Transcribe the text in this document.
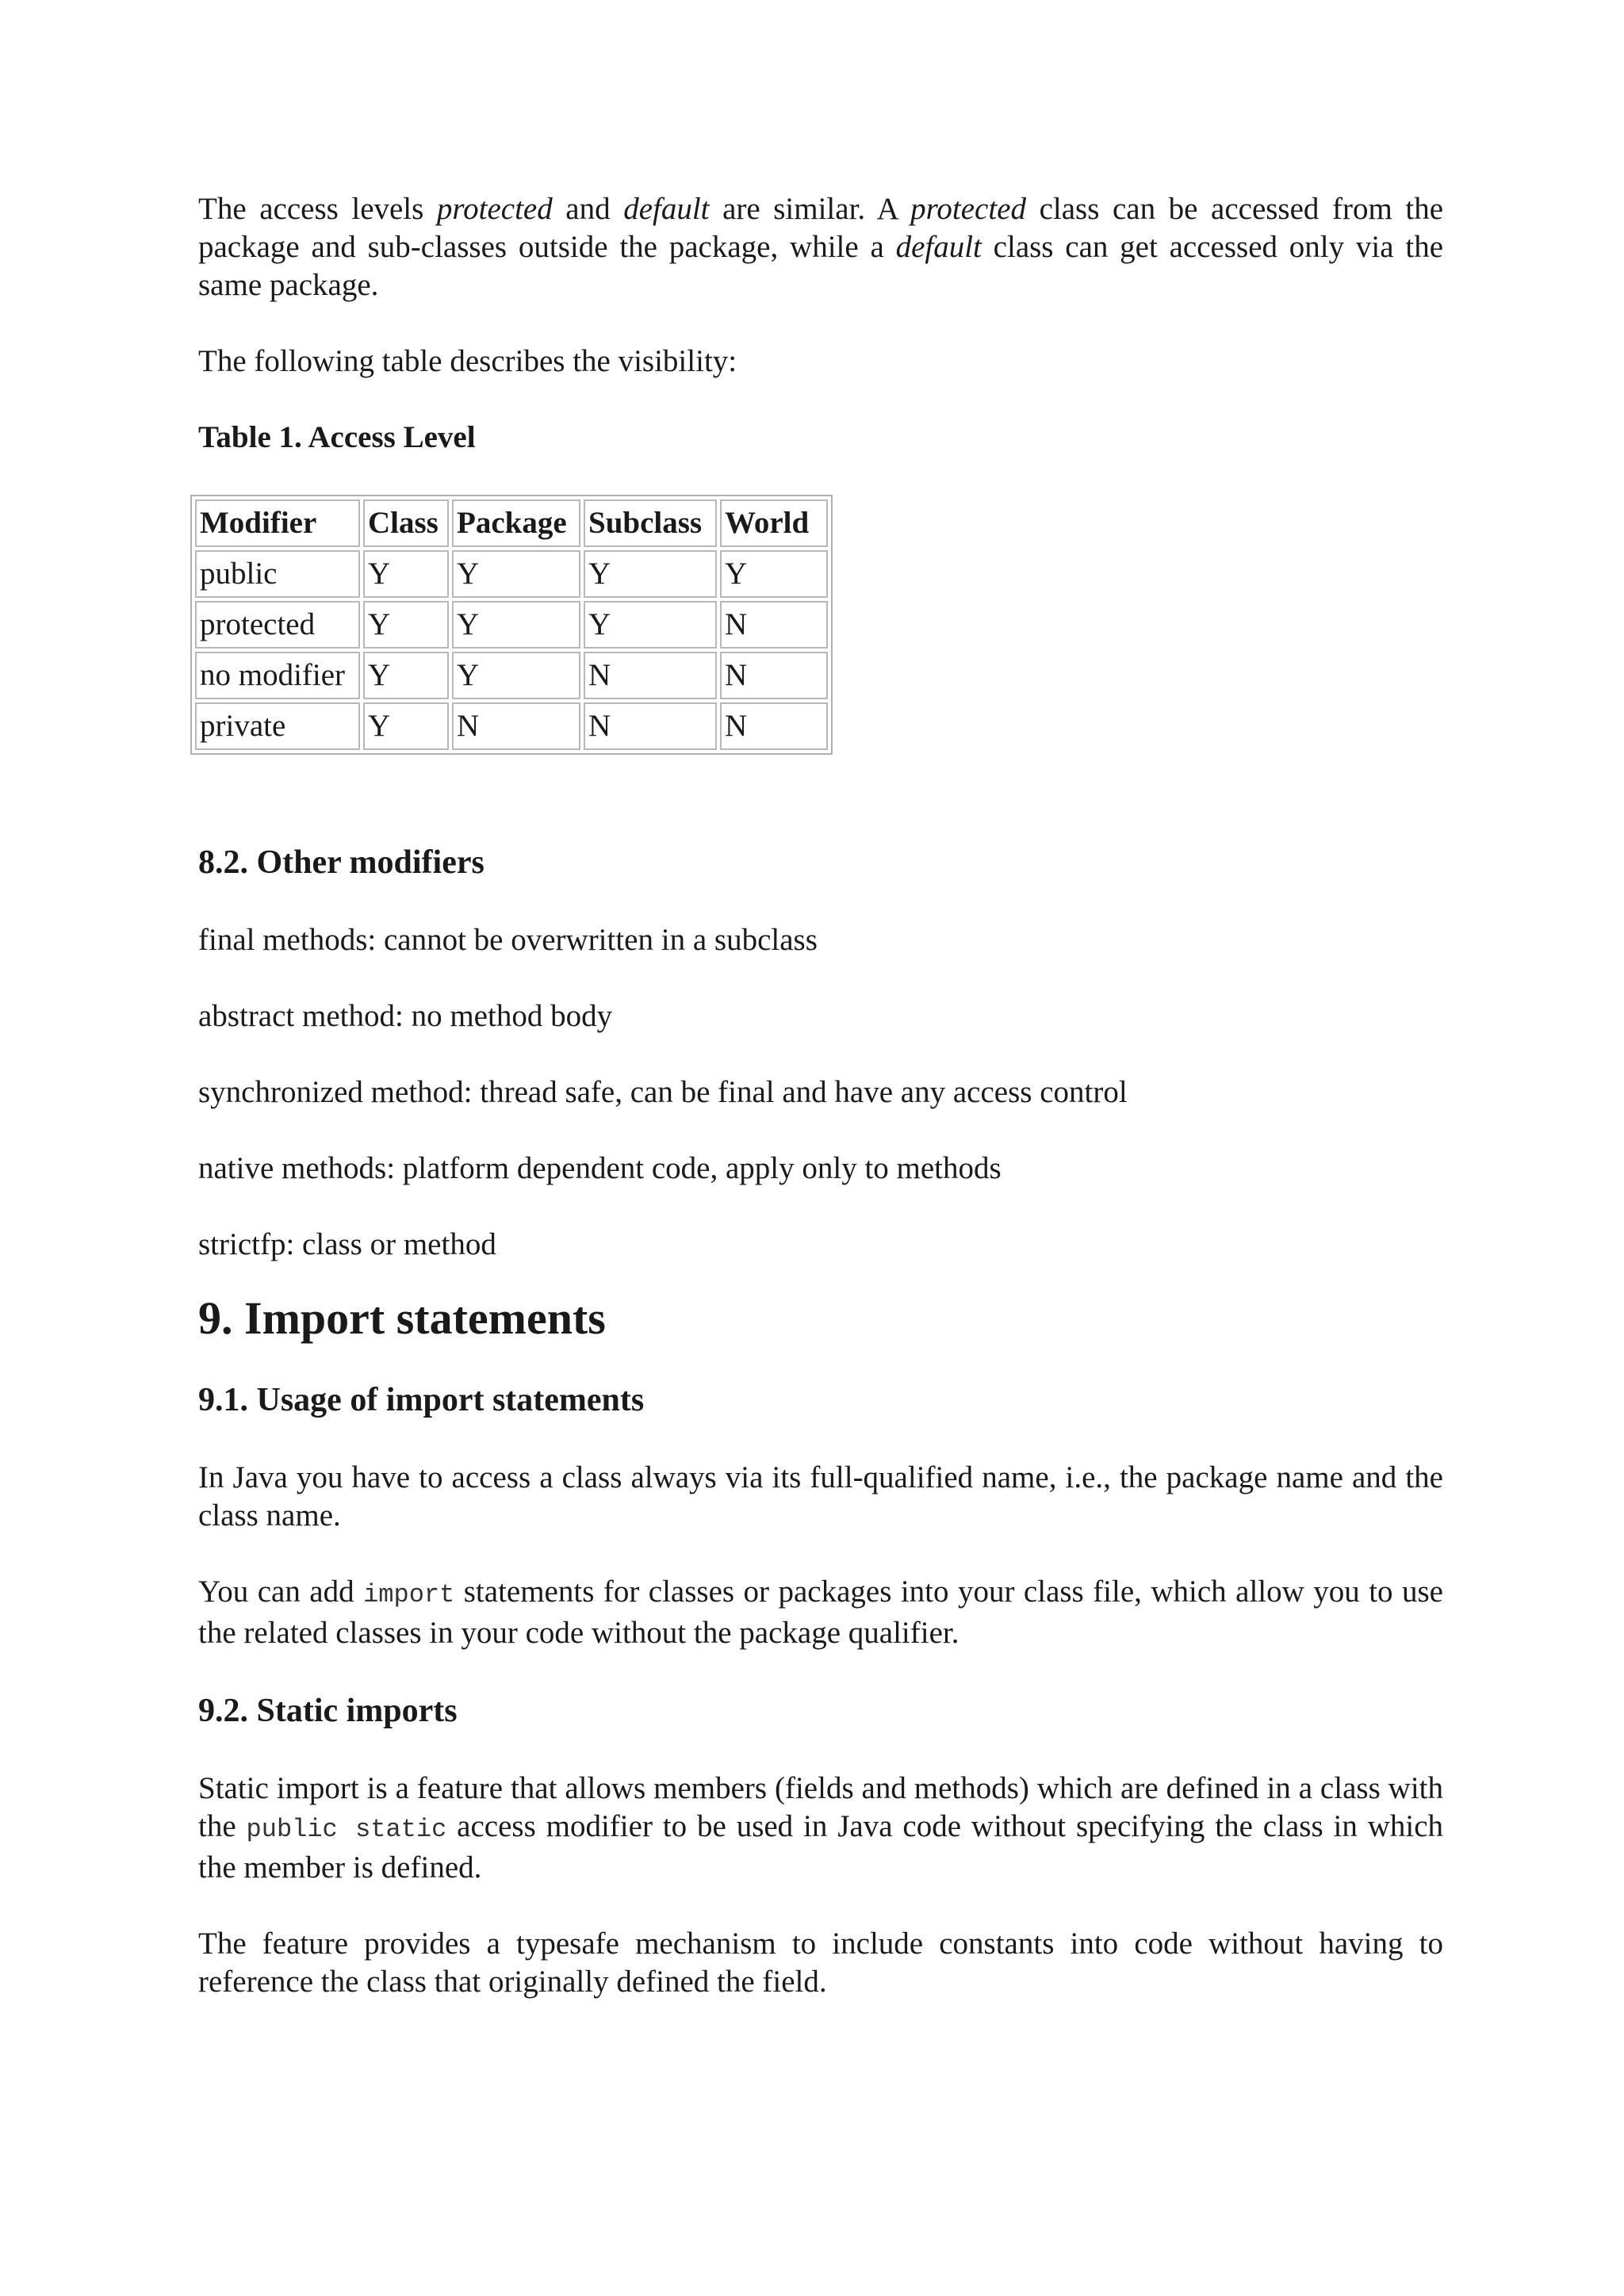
The access levels protected and default are similar. A protected class can be accessed from the package and sub-classes outside the package, while a default class can get accessed only via the same package.

The following table describes the visibility:

Table 1. Access Level
Modifier	Class	Package	Subclass	World
public	Y	Y	Y	Y
protected	Y	Y	Y	N
no modifier	Y	Y	N	N
private	Y	N	N	N
8.2. Other modifiers

final methods: cannot be overwritten in a subclass

abstract method: no method body

synchronized method: thread safe, can be final and have any access control

native methods: platform dependent code, apply only to methods

strictfp: class or method

9. Import statements
9.1. Usage of import statements

In Java you have to access a class always via its full-qualified name, i.e., the package name and the class name.

You can add import statements for classes or packages into your class file, which allow you to use the related classes in your code without the package qualifier.

9.2. Static imports

Static import is a feature that allows members (fields and methods) which are defined in a class with the public static access modifier to be used in Java code without specifying the class in which the member is defined.

The feature provides a typesafe mechanism to include constants into code without having to reference the class that originally defined the field.
